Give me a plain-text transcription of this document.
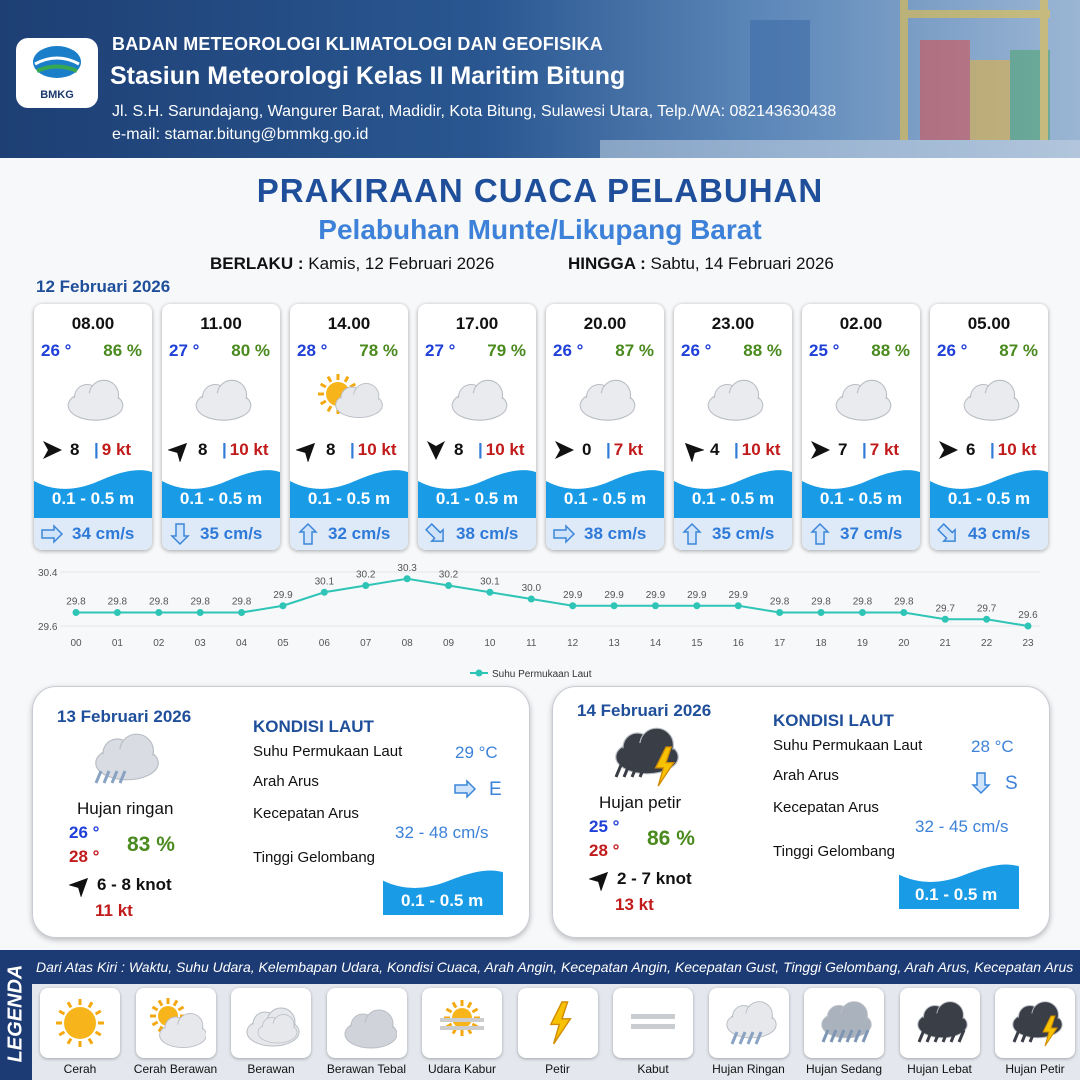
BMKG
BADAN METEOROLOGI KLIMATOLOGI DAN GEOFISIKA
Stasiun Meteorologi Kelas II Maritim Bitung
Jl. S.H. Sarundajang, Wangurer Barat, Madidir, Kota Bitung, Sulawesi Utara, Telp./WA: 082143630438
e-mail: stamar.bitung@bmmkg.go.id
PRAKIRAAN CUACA PELABUHAN
Pelabuhan Munte/Likupang Barat
BERLAKU : Kamis, 12 Februari 2026	HINGGA : Sabtu, 14 Februari 2026
12 Februari 2026
08.00
26 ° 86 %
8 | 9 kt
0.1 - 0.5 m
34 cm/s
11.00
27 ° 80 %
8 | 10 kt
0.1 - 0.5 m
35 cm/s
14.00
28 ° 78 %
8 | 10 kt
0.1 - 0.5 m
32 cm/s
17.00
27 ° 79 %
8 | 10 kt
0.1 - 0.5 m
38 cm/s
20.00
26 ° 87 %
0 | 7 kt
0.1 - 0.5 m
38 cm/s
23.00
26 ° 88 %
4 | 10 kt
0.1 - 0.5 m
35 cm/s
02.00
25 ° 88 %
7 | 7 kt
0.1 - 0.5 m
37 cm/s
05.00
26 ° 87 %
6 | 10 kt
0.1 - 0.5 m
43 cm/s
30.4
29.6
29.8
00
29.8
01
29.8
02
29.8
03
29.8
04
29.9
05
30.1
06
30.2
07
30.3
08
30.2
09
30.1
10
30.0
11
29.9
12
29.9
13
29.9
14
29.9
15
29.9
16
29.8
17
29.8
18
29.8
19
29.8
20
29.7
21
29.7
22
29.6
23
Suhu Permukaan Laut
13 Februari 2026
Hujan ringan
26 °
28 °
83 %
6 - 8 knot
11 kt
KONDISI LAUT
Suhu Permukaan Laut	29 °C
Arah Arus	E
Kecepatan Arus
32 - 48 cm/s
Tinggi Gelombang
0.1 - 0.5 m
14 Februari 2026
Hujan petir
25 °
28 °
86 %
2 - 7 knot
13 kt
KONDISI LAUT
Suhu Permukaan Laut	28 °C
Arah Arus	S
Kecepatan Arus
32 - 45 cm/s
Tinggi Gelombang
0.1 - 0.5 m
LEGENDA Dari Atas Kiri : Waktu, Suhu Udara, Kelembapan Udara, Kondisi Cuaca, Arah Angin, Kecepatan Angin, Kecepatan Gust, Tinggi Gelombang, Arah Arus, Kecepatan Arus
Cerah	Cerah Berawan	Berawan	Berawan Tebal	Udara Kabur	Petir	Kabut	Hujan Ringan	Hujan Sedang	Hujan Lebat	Hujan Petir
